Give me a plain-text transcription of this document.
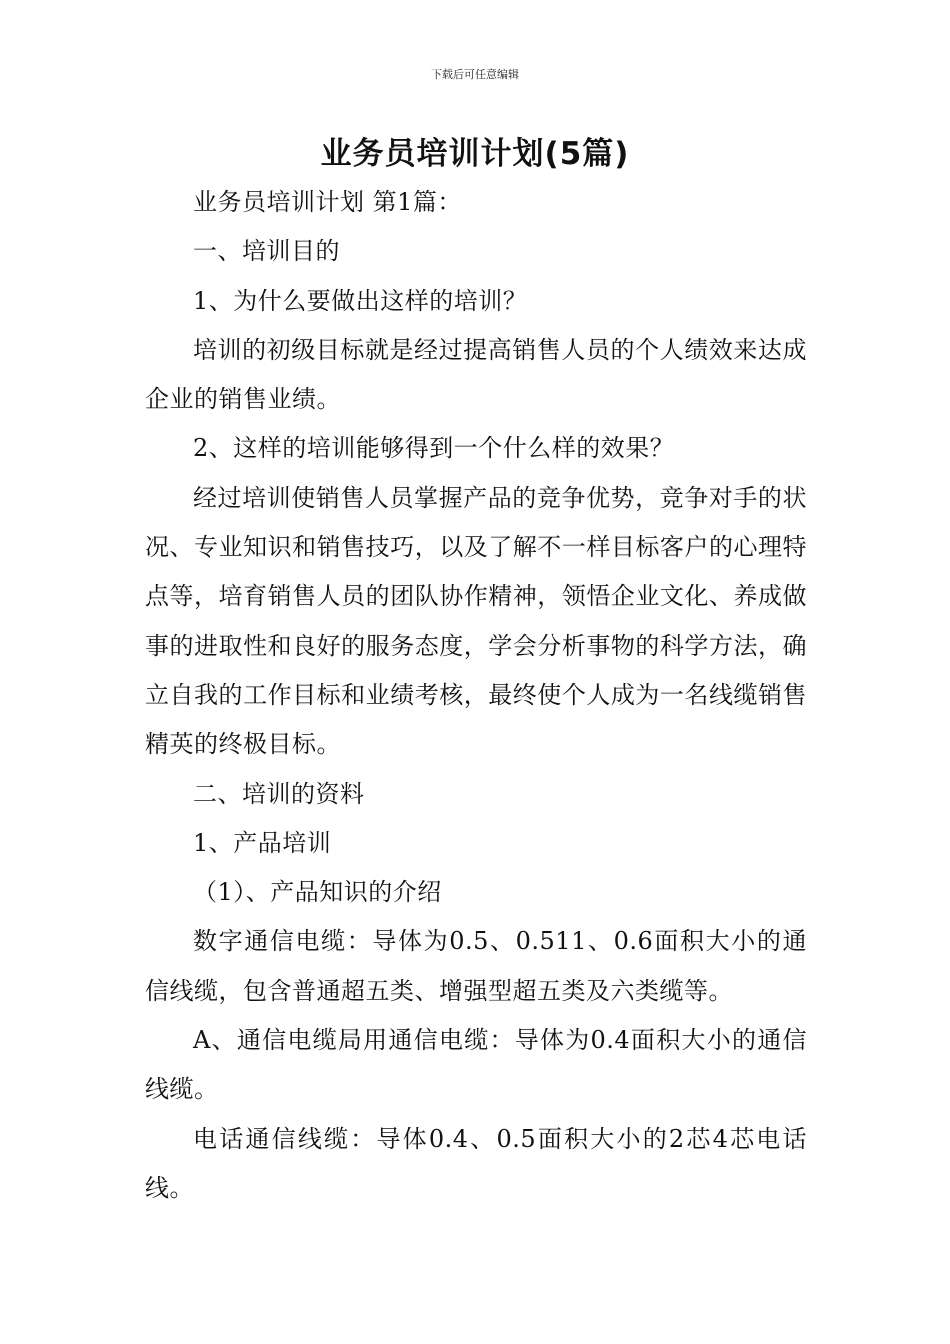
下载后可任意编辑
业务员培训计划(5篇)

业务员培训计划 第1篇：

一、培训目的

1、为什么要做出这样的培训？

培训的初级目标就是经过提高销售人员的个人绩效来达成企业的销售业绩。

2、这样的培训能够得到一个什么样的效果？

经过培训使销售人员掌握产品的竞争优势，竞争对手的状况、专业知识和销售技巧，以及了解不一样目标客户的心理特点等，培育销售人员的团队协作精神，领悟企业文化、养成做事的进取性和良好的服务态度，学会分析事物的科学方法，确立自我的工作目标和业绩考核，最终使个人成为一名线缆销售精英的终极目标。

二、培训的资料

1、产品培训

（1）、产品知识的介绍

数字通信电缆：导体为0.5、0.511、0.6面积大小的通信线缆，包含普通超五类、增强型超五类及六类缆等。

A、通信电缆局用通信电缆：导体为0.4面积大小的通信线缆。

电话通信线缆：导体0.4、0.5面积大小的2芯4芯电话线。
